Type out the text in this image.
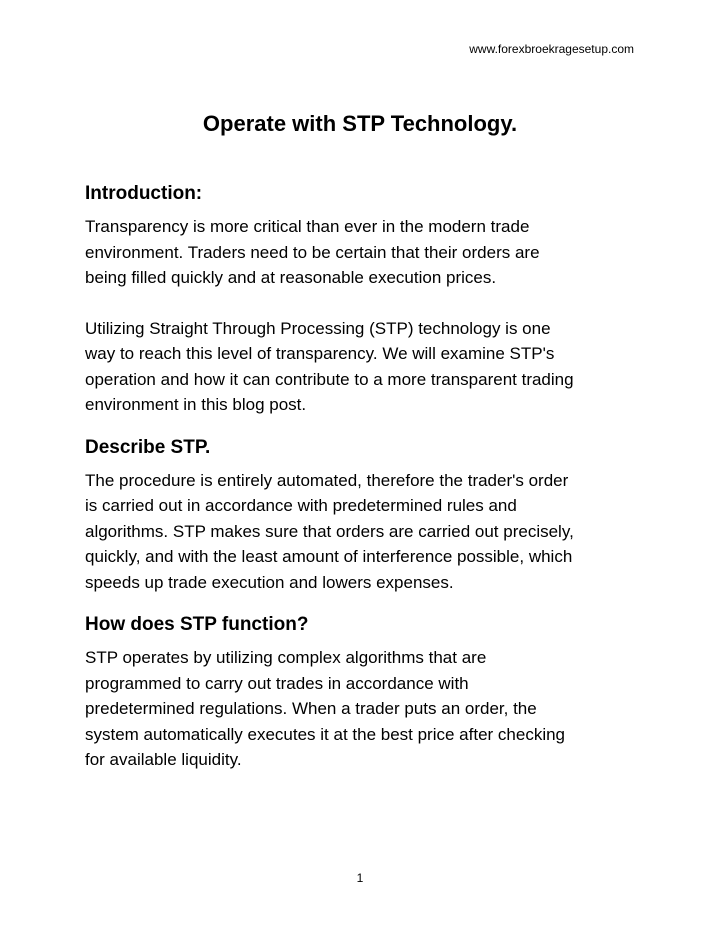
www.forexbroekragesetup.com
Operate with STP Technology.
Introduction:

Transparency is more critical than ever in the modern trade
environment. Traders need to be certain that their orders are
being filled quickly and at reasonable execution prices.

Utilizing Straight Through Processing (STP) technology is one
way to reach this level of transparency. We will examine STP's
operation and how it can contribute to a more transparent trading
environment in this blog post.

Describe STP.

The procedure is entirely automated, therefore the trader's order
is carried out in accordance with predetermined rules and
algorithms. STP makes sure that orders are carried out precisely,
quickly, and with the least amount of interference possible, which
speeds up trade execution and lowers expenses.

How does STP function?

STP operates by utilizing complex algorithms that are
programmed to carry out trades in accordance with
predetermined regulations. When a trader puts an order, the
system automatically executes it at the best price after checking
for available liquidity.

1
